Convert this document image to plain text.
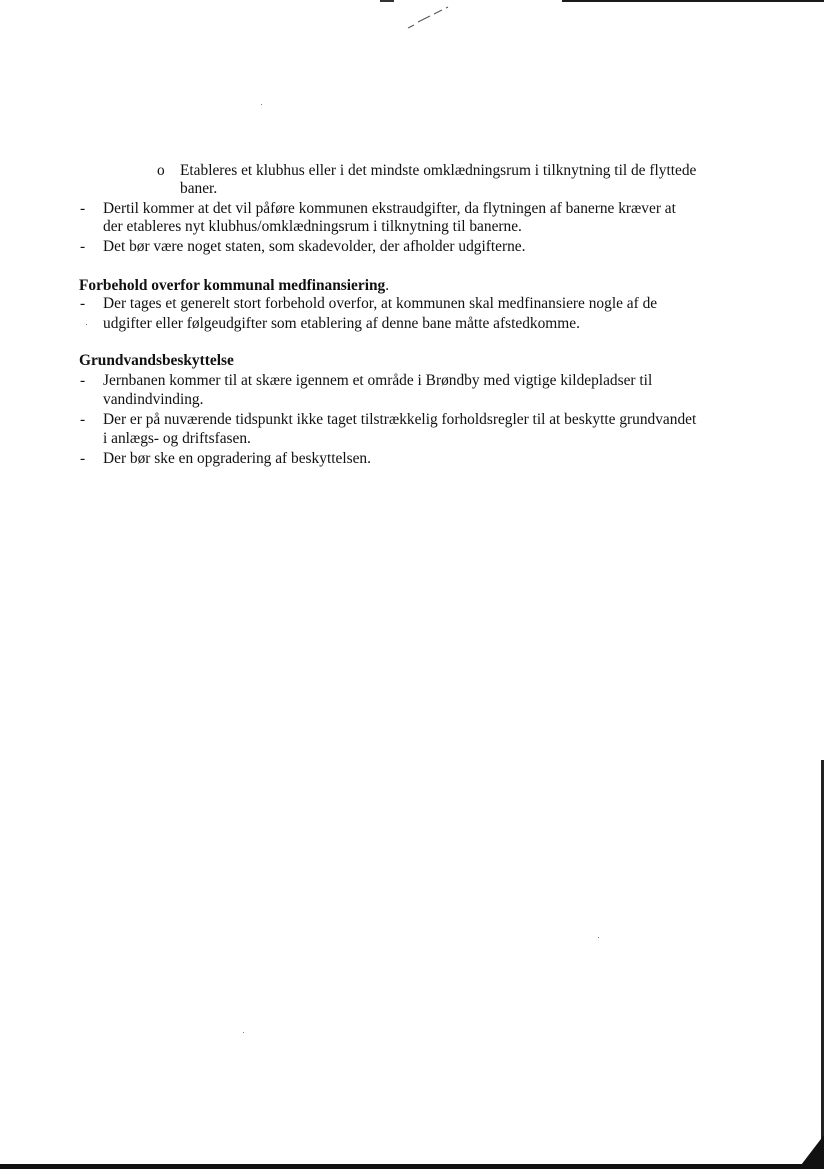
o Etableres et klubhus eller i det mindste omklædningsrum i tilknytning til de flyttede
baner.
- Dertil kommer at det vil påføre kommunen ekstraudgifter, da flytningen af banerne kræver at
der etableres nyt klubhus/omklædningsrum i tilknytning til banerne.
- Det bør være noget staten, som skadevolder, der afholder udgifterne.
Forbehold overfor kommunal medfinansiering.
- Der tages et generelt stort forbehold overfor, at kommunen skal medfinansiere nogle af de
udgifter eller følgeudgifter som etablering af denne bane måtte afstedkomme.
Grundvandsbeskyttelse
- Jernbanen kommer til at skære igennem et område i Brøndby med vigtige kildepladser til
vandindvinding.
- Der er på nuværende tidspunkt ikke taget tilstrækkelig forholdsregler til at beskytte grundvandet
i anlægs- og driftsfasen.
- Der bør ske en opgradering af beskyttelsen.
